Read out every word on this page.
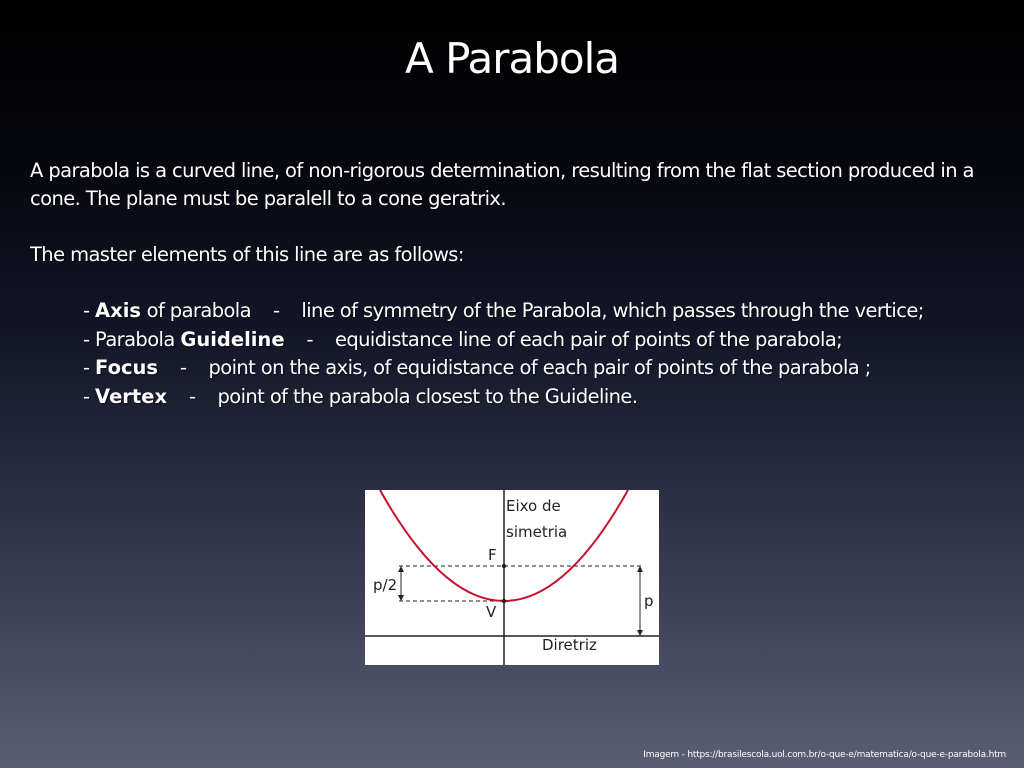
A Parabola
A parabola is a curved line, of non-rigorous determination, resulting from the flat section produced in a cone. The plane must be paralell to a cone geratrix.
The master elements of this line are as follows:
- Axis of parabola - line of symmetry of the Parabola, which passes through the vertice;
- Parabola Guideline - equidistance line of each pair of points of the parabola;
- Focus - point on the axis, of equidistance of each pair of points of the parabola ;
- Vertex - point of the parabola closest to the Guideline.
Eixo de
simetria
F
V
p/2
p
Diretriz
Imagem - https://brasilescola.uol.com.br/o-que-e/matematica/o-que-e-parabola.htm
